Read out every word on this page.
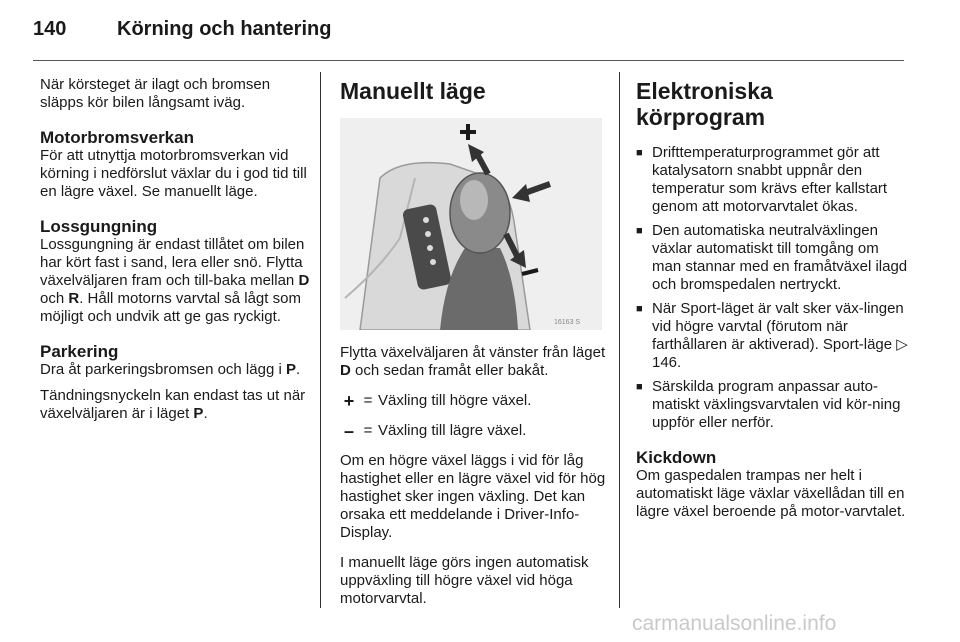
140	Körning och hantering

När körsteget är ilagt och bromsen släpps kör bilen långsamt iväg.

Motorbromsverkan

För att utnyttja motorbromsverkan vid körning i nedförslut växlar du i god tid till en lägre växel. Se manuellt läge.

Lossgungning

Lossgungning är endast tillåtet om bilen har kört fast i sand, lera eller snö. Flytta växelväljaren fram och till-baka mellan D och R. Håll motorns varvtal så lågt som möjligt och undvik att ge gas ryckigt.

Parkering

Dra åt parkeringsbromsen och lägg i P.

Tändningsnyckeln kan endast tas ut när växelväljaren är i läget P.

Manuellt läge
16163 S

Flytta växelväljaren åt vänster från läget D och sedan framåt eller bakåt.

+ = Växling till högre växel.
– = Växling till lägre växel.

Om en högre växel läggs i vid för låg hastighet eller en lägre växel vid för hög hastighet sker ingen växling. Det kan orsaka ett meddelande i Driver-Info-Display.

I manuellt läge görs ingen automatisk uppväxling till högre växel vid höga motorvarvtal.

Elektroniska körprogram
■ Drifttemperaturprogrammet gör att katalysatorn snabbt uppnår den temperatur som krävs efter kallstart genom att motorvarvtalet ökas.
■ Den automatiska neutralväxlingen växlar automatiskt till tomgång om man stannar med en framåtväxel ilagd och bromspedalen nertryckt.
■ När Sport-läget är valt sker väx-lingen vid högre varvtal (förutom när farthållaren är aktiverad). Sport-läge ▷ 146.
■ Särskilda program anpassar auto-matiskt växlingsvarvtalen vid kör-ning uppför eller nerför.
Kickdown

Om gaspedalen trampas ner helt i automatiskt läge växlar växellådan till en lägre växel beroende på motor-varvtalet.

carmanualsonline.info
